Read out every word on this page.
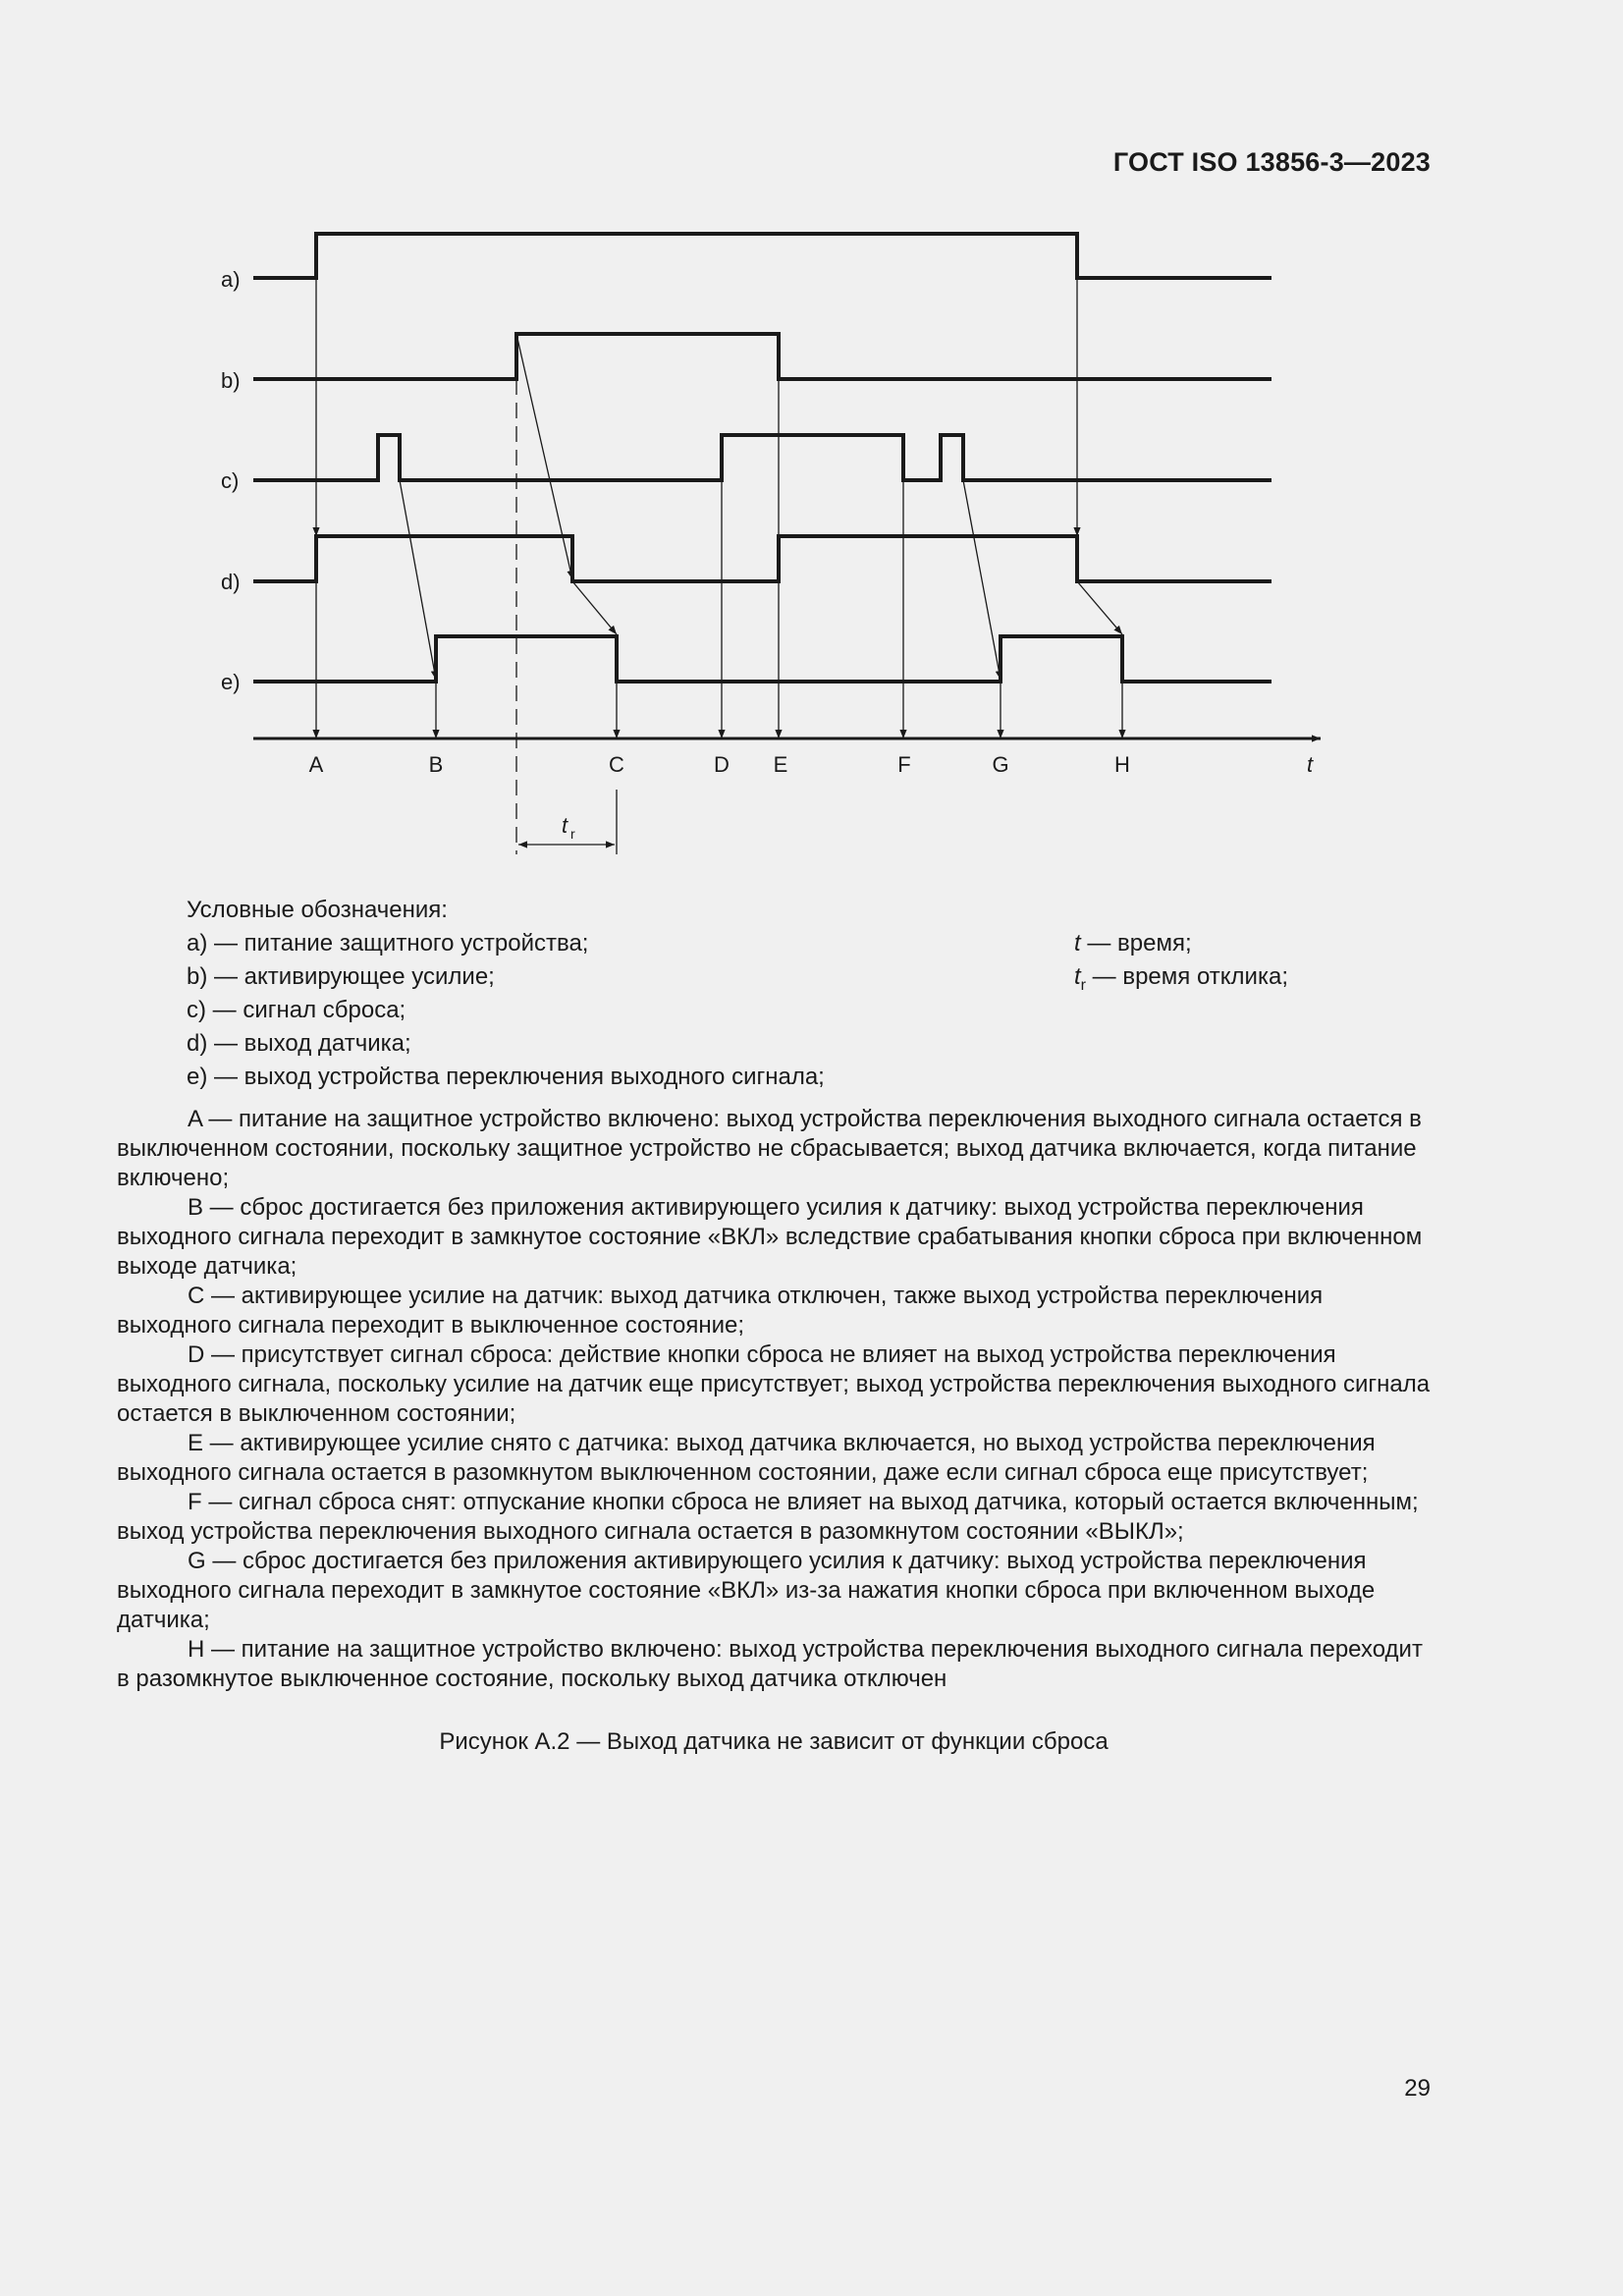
ГОСТ ISO 13856-3—2023
a)
b)
c)
d)
e)
A	B	C	D E	F	G	H	t
t r
Условные обозначения:
a) — питание защитного устройства;
b) — активирующее усилие;
c) — сигнал сброса;
d) — выход датчика;
e) — выход устройства переключения выходного сигнала;
t — время;
$t_r$ — время отклика;

A — питание на защитное устройство включено: выход устройства переключения выходного сигнала остается в выключенном состоянии, поскольку защитное устройство не сбрасывается; выход датчика включается, когда питание включено;

B — сброс достигается без приложения активирующего усилия к датчику: выход устройства переключения выходного сигнала переходит в замкнутое состояние «ВКЛ» вследствие срабатывания кнопки сброса при включенном выходе датчика;

C — активирующее усилие на датчик: выход датчика отключен, также выход устройства переключения выходного сигнала переходит в выключенное состояние;

D — присутствует сигнал сброса: действие кнопки сброса не влияет на выход устройства переключения выходного сигнала, поскольку усилие на датчик еще присутствует; выход устройства переключения выходного сигнала остается в выключенном состоянии;

E — активирующее усилие снято с датчика: выход датчика включается, но выход устройства переключения выходного сигнала остается в разомкнутом выключенном состоянии, даже если сигнал сброса еще присутствует;

F — сигнал сброса снят: отпускание кнопки сброса не влияет на выход датчика, который остается включенным; выход устройства переключения выходного сигнала остается в разомкнутом состоянии «ВЫКЛ»;

G — сброс достигается без приложения активирующего усилия к датчику: выход устройства переключения выходного сигнала переходит в замкнутое состояние «ВКЛ» из-за нажатия кнопки сброса при включенном выходе датчика;

H — питание на защитное устройство включено: выход устройства переключения выходного сигнала переходит в разомкнутое выключенное состояние, поскольку выход датчика отключен

Рисунок А.2 — Выход датчика не зависит от функции сброса
29
